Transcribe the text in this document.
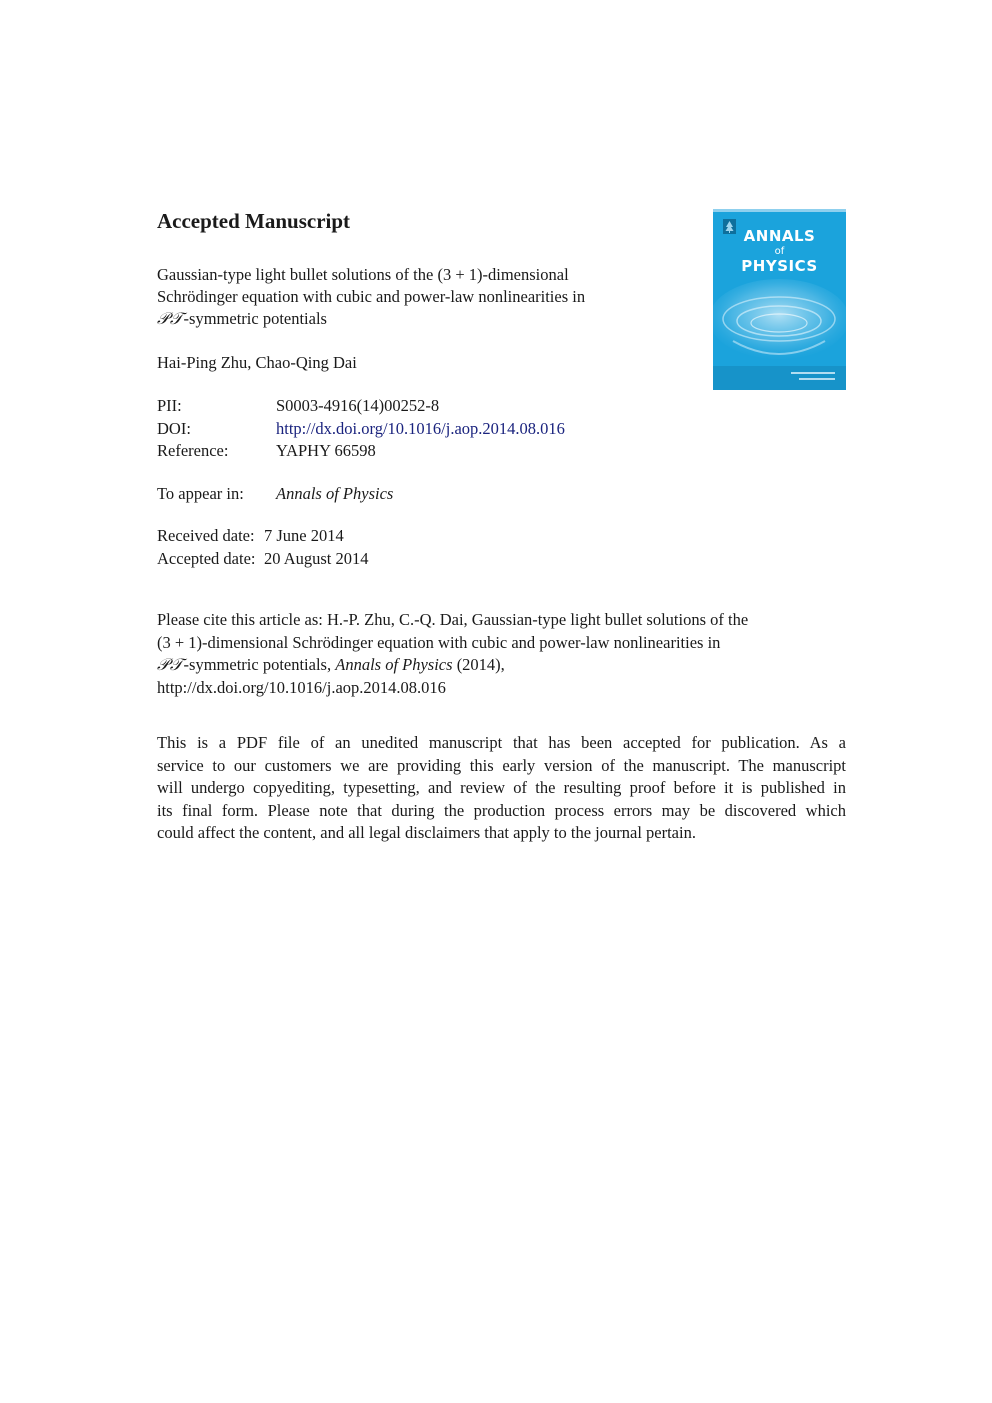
Accepted Manuscript
Gaussian-type light bullet solutions of the (3 + 1)-dimensional
Schrödinger equation with cubic and power-law nonlinearities in
𝒫𝒯-symmetric potentials
Hai-Ping Zhu, Chao-Qing Dai
PII:	S0003-4916(14)00252-8
DOI:	http://dx.doi.org/10.1016/j.aop.2014.08.016
Reference:	YAPHY 66598
To appear in: Annals of Physics
Received date: 7 June 2014
Accepted date: 20 August 2014
Please cite this article as: H.-P. Zhu, C.-Q. Dai, Gaussian-type light bullet solutions of the
(3 + 1)-dimensional Schrödinger equation with cubic and power-law nonlinearities in
𝒫𝒯-symmetric potentials, Annals of Physics (2014),
http://dx.doi.org/10.1016/j.aop.2014.08.016
This is a PDF file of an unedited manuscript that has been accepted for publication. As a
service to our customers we are providing this early version of the manuscript. The manuscript
will undergo copyediting, typesetting, and review of the resulting proof before it is published in
its final form. Please note that during the production process errors may be discovered which
could affect the content, and all legal disclaimers that apply to the journal pertain.
ANNALS
of
PHYSICS
